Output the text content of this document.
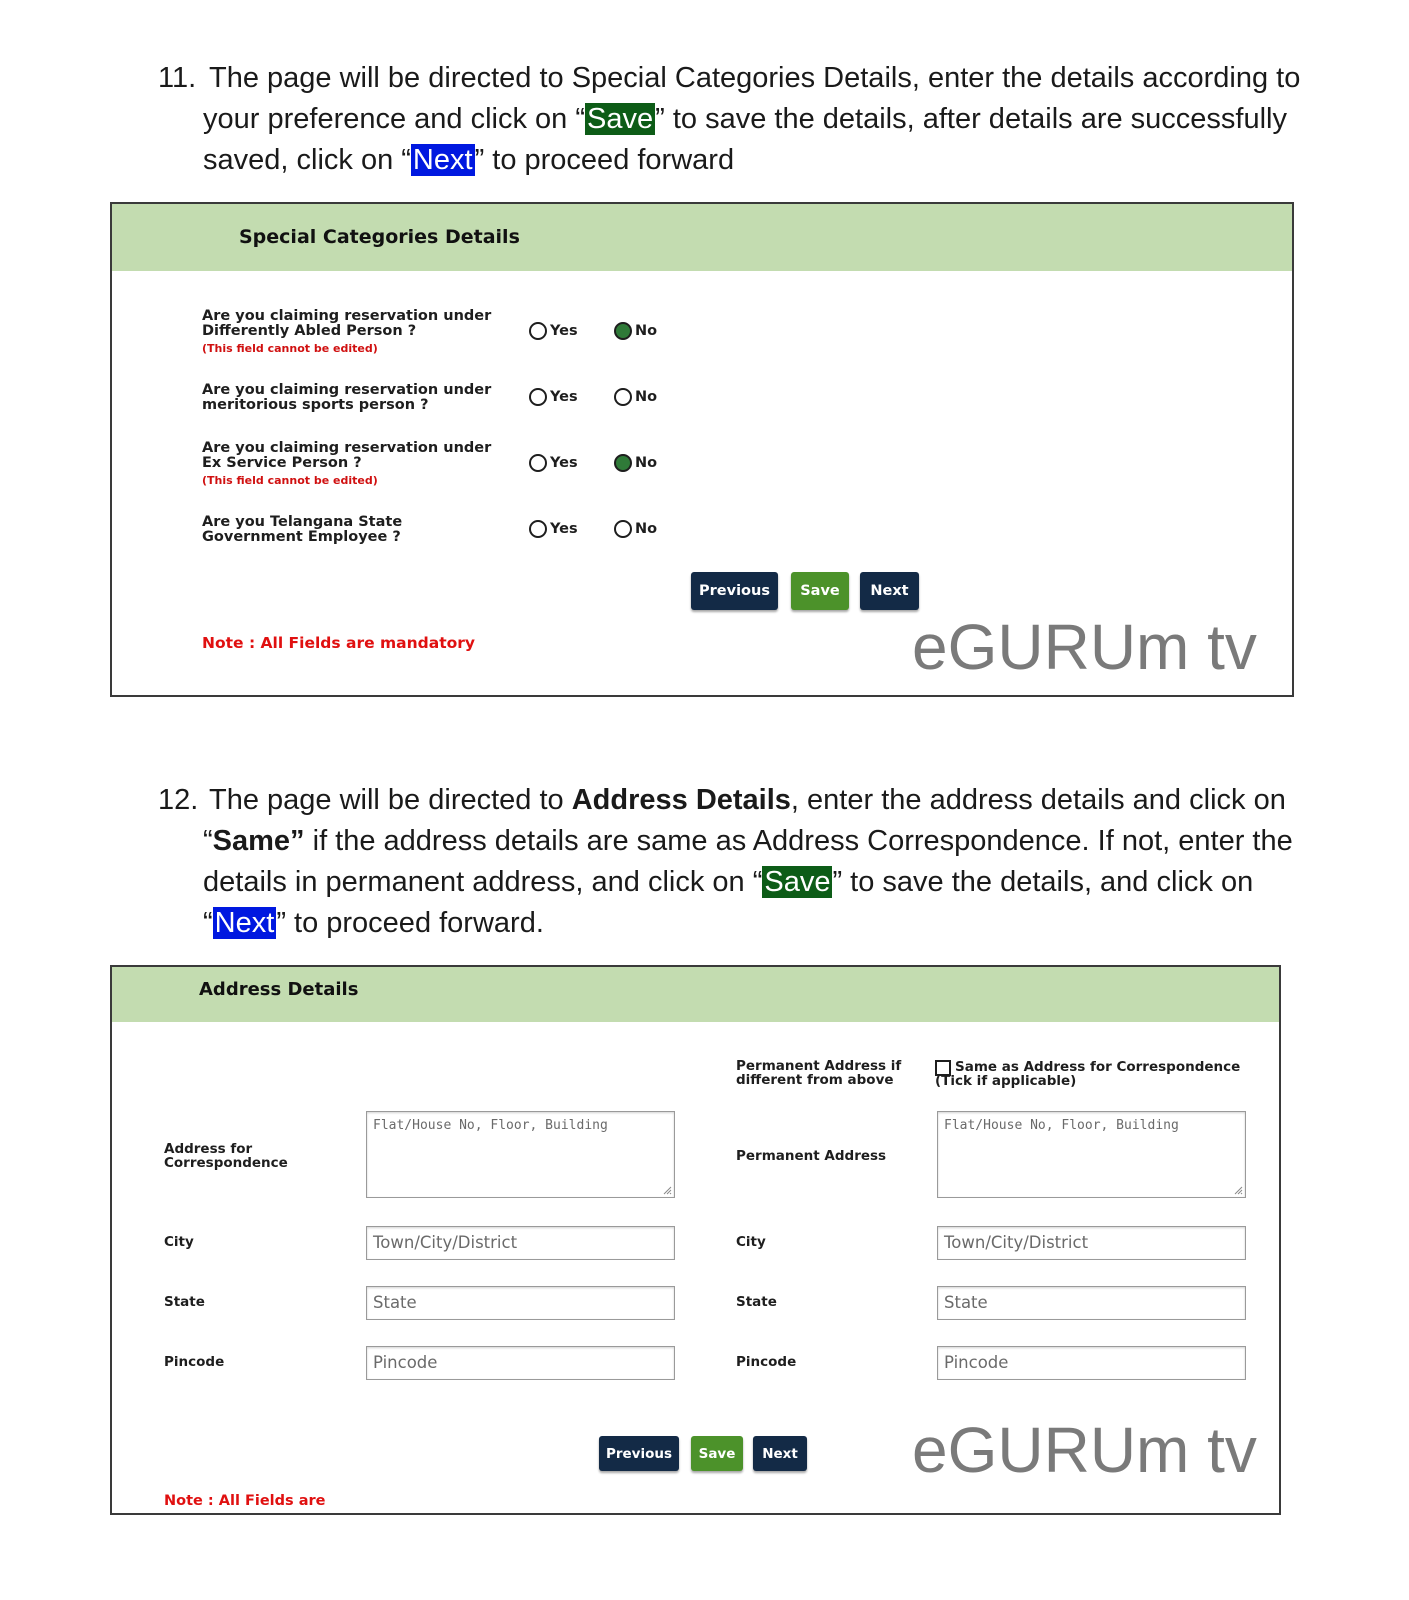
11. The page will be directed to Special Categories Details, enter the details according to
your preference and click on “Save” to save the details, after details are successfully
saved, click on “Next” to proceed forward
Special Categories Details
Are you claiming reservation under
Differently Abled Person ?
(This field cannot be edited)
Yes	No
Are you claiming reservation under
meritorious sports person ?	Yes	No
Are you claiming reservation under
Ex Service Person ?
(This field cannot be edited)
Yes	No
Are you Telangana State
Government Employee ?	Yes	No
Previous	Save	Next
Note : All Fields are mandatory	eGURUm tv
12. The page will be directed to Address Details, enter the address details and click on
“Same” if the address details are same as Address Correspondence. If not, enter the
details in permanent address, and click on “Save” to save the details, and click on
“Next” to proceed forward.
Address Details
Permanent Address if
different from above
Same as Address for Correspondence
(Tick if applicable)
Address for
Correspondence
Flat/House No, Floor, Building
City	Town/City/District
State	State
Pincode	Pincode
Permanent Address
Flat/House No, Floor, Building
City	Town/City/District
State	State
Pincode	Pincode
Previous	Save	Next eGURUm tv
Note : All Fields are
